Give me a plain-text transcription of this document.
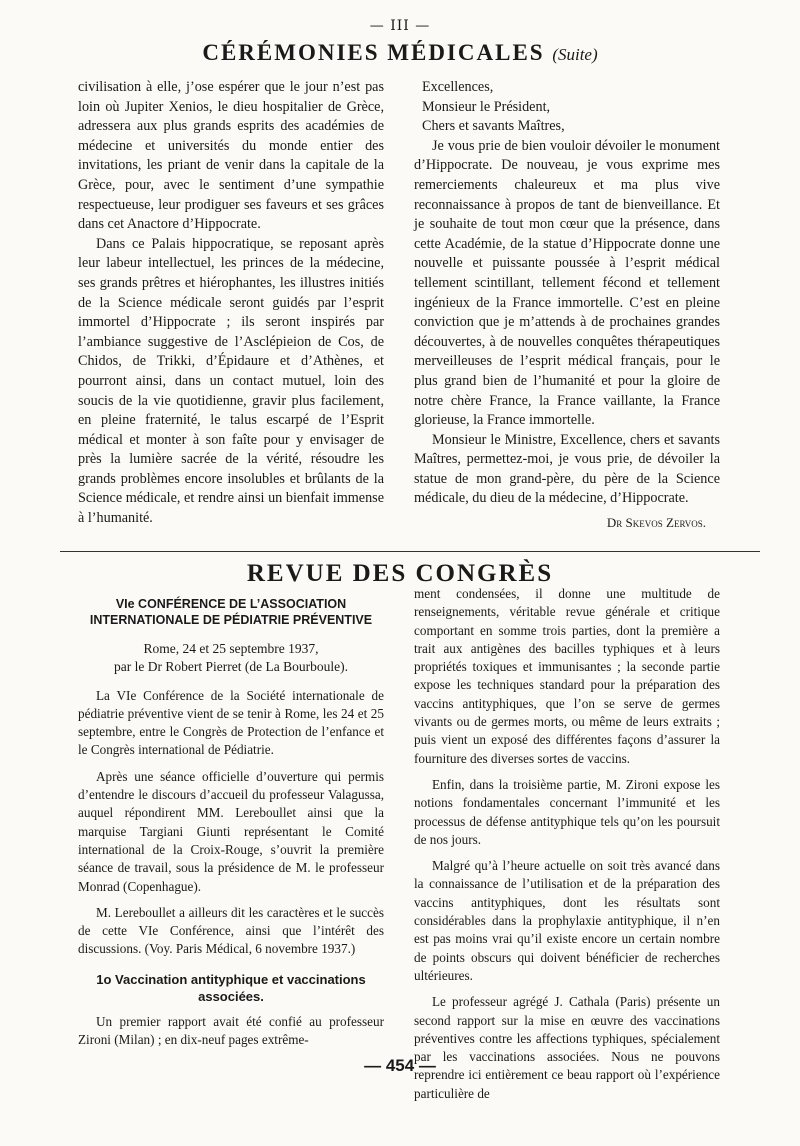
— III —
CÉRÉMONIES MÉDICALES (Suite)

civilisation à elle, j’ose espérer que le jour n’est pas loin où Jupiter Xenios, le dieu hospitalier de Grèce, adressera aux plus grands esprits des académies de médecine et universités du monde entier des invitations, les priant de venir dans la capitale de la Grèce, pour, avec le sentiment d’une sympathie respectueuse, leur prodiguer ses faveurs et ses grâces dans cet Anactore d’Hippocrate.

Dans ce Palais hippocratique, se reposant après leur labeur intellectuel, les princes de la médecine, ses grands prêtres et hiérophantes, les illustres initiés de la Science médicale seront guidés par l’esprit immortel d’Hippocrate ; ils seront inspirés par l’ambiance suggestive de l’Asclépieion de Cos, de Chidos, de Trikki, d’Épidaure et d’Athènes, et pourront ainsi, dans un contact mutuel, loin des soucis de la vie quotidienne, gravir plus facilement, en pleine fraternité, le talus escarpé de l’Esprit médical et monter à son faîte pour y envisager de près la lumière sacrée de la vérité, résoudre les grands problèmes encore insolubles et brûlants de la Science médicale, et rendre ainsi un bienfait immense à l’humanité.

Excellences,

Monsieur le Président,

Chers et savants Maîtres,

Je vous prie de bien vouloir dévoiler le monument d’Hippocrate. De nouveau, je vous exprime mes remerciements chaleureux et ma plus vive reconnaissance à propos de tant de bienveillance. Et je souhaite de tout mon cœur que la présence, dans cette Académie, de la statue d’Hippocrate donne une nouvelle et puissante poussée à l’esprit médical tellement scintillant, tellement fécond et tellement ingénieux de la France immortelle. C’est en pleine conviction que je m’attends à de prochaines grandes découvertes, à de nouvelles conquêtes thérapeutiques merveilleuses de l’esprit médical français, pour le plus grand bien de l’humanité et pour la gloire de notre chère France, la France vaillante, la France glorieuse, la France immortelle.

Monsieur le Ministre, Excellence, chers et savants Maîtres, permettez-moi, je vous prie, de dévoiler la statue de mon grand-père, du père de la Science médicale, du dieu de la médecine, d’Hippocrate.

Dr Skevos Zervos.

REVUE DES CONGRÈS

VIe CONFÉRENCE DE L’ASSOCIATION INTERNATIONALE DE PÉDIATRIE PRÉVENTIVE

Rome, 24 et 25 septembre 1937,
par le Dr Robert Pierret (de La Bourboule).

La VIe Conférence de la Société internationale de pédiatrie préventive vient de se tenir à Rome, les 24 et 25 septembre, entre le Congrès de Protection de l’enfance et le Congrès international de Pédiatrie.

Après une séance officielle d’ouverture qui permis d’entendre le discours d’accueil du professeur Valagussa, auquel répondirent MM. Lereboullet ainsi que la marquise Targiani Giunti représentant le Comité international de la Croix-Rouge, s’ouvrit la première séance de travail, sous la présidence de M. le professeur Monrad (Copenhague).

M. Lereboullet a ailleurs dit les caractères et le succès de cette VIe Conférence, ainsi que l’intérêt des discussions. (Voy. Paris Médical, 6 novembre 1937.)

1o Vaccination antityphique et vaccinations associées.

Un premier rapport avait été confié au professeur Zironi (Milan) ; en dix-neuf pages extrême-

ment condensées, il donne une multitude de renseignements, véritable revue générale et critique comportant en somme trois parties, dont la première a trait aux antigènes des bacilles typhiques et à leurs propriétés toxiques et immunisantes ; la seconde partie expose les techniques standard pour la préparation des vaccins antityphiques, que l’on se serve de germes vivants ou de germes morts, ou même de leurs extraits ; puis vient un exposé des différentes façons d’assurer la fourniture des diverses sortes de vaccins.

Enfin, dans la troisième partie, M. Zironi expose les notions fondamentales concernant l’immunité et les processus de défense antityphique tels qu’on les poursuit de nos jours.

Malgré qu’à l’heure actuelle on soit très avancé dans la connaissance de l’utilisation et de la préparation des vaccins antityphiques, dont les résultats sont considérables dans la prophylaxie antityphique, il n’en est pas moins vrai qu’il existe encore un certain nombre de points obscurs qui doivent bénéficier de recherches ultérieures.

Le professeur agrégé J. Cathala (Paris) présente un second rapport sur la mise en œuvre des vaccinations préventives contre les affections typhiques, spécialement par les vaccinations associées. Nous ne pouvons reprendre ici entièrement ce beau rapport où l’expérience particulière de

— 454 —
